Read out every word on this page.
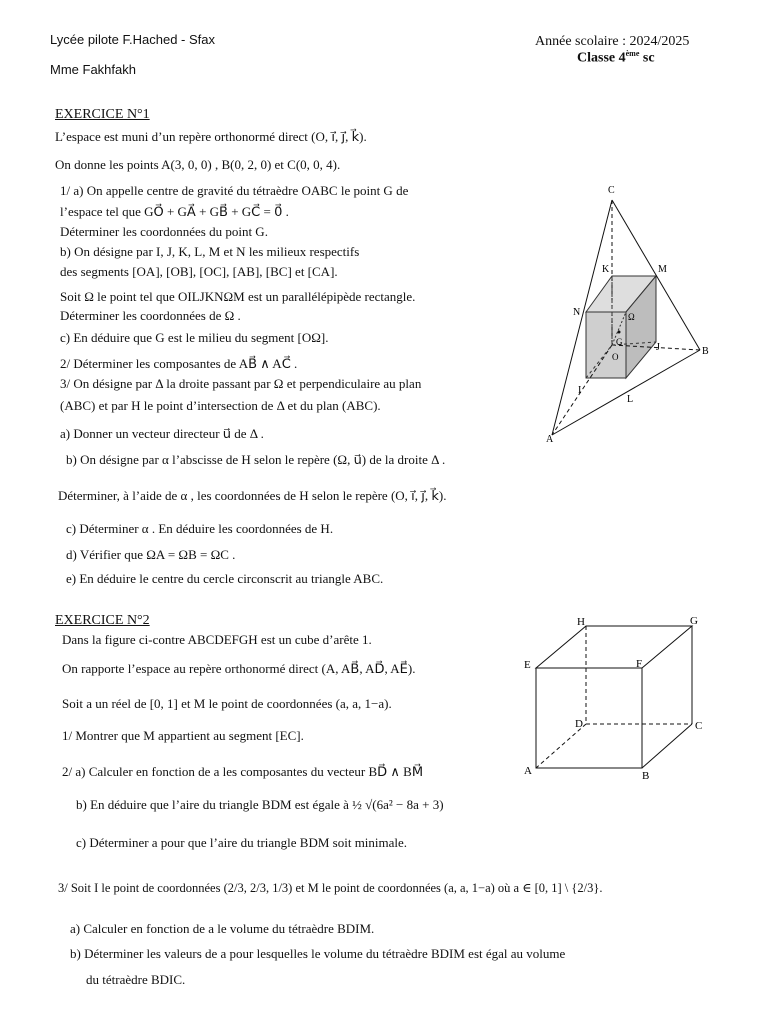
Lycée pilote F.Hached - Sfax
Mme Fakhfakh
Année scolaire : 2024/2025
Classe 4ème sc
EXERCICE N°1
L’espace est muni d’un repère orthonormé direct (O, i⃗, j⃗, k⃗).
On donne les points A(3, 0, 0) , B(0, 2, 0) et C(0, 0, 4).
1/ a) On appelle centre de gravité du tétraèdre OABC le point G de
l’espace tel que GO⃗ + GA⃗ + GB⃗ + GC⃗ = 0⃗ .
Déterminer les coordonnées du point G.
b) On désigne par I, J, K, L, M et N les milieux respectifs
des segments [OA], [OB], [OC], [AB], [BC] et [CA].
Soit Ω le point tel que OILJKNΩM est un parallélépipède rectangle.
Déterminer les coordonnées de Ω .
c) En déduire que G est le milieu du segment [OΩ].
2/ Déterminer les composantes de AB⃗ ∧ AC⃗ .
3/ On désigne par Δ la droite passant par Ω et perpendiculaire au plan
(ABC) et par H le point d’intersection de Δ et du plan (ABC).
a) Donner un vecteur directeur u⃗ de Δ .
b) On désigne par α l’abscisse de H selon le repère (Ω, u⃗) de la droite Δ .
Déterminer, à l’aide de α , les coordonnées de H selon le repère (O, i⃗, j⃗, k⃗).
c) Déterminer α . En déduire les coordonnées de H.
d) Vérifier que ΩA = ΩB = ΩC .
e) En déduire le centre du cercle circonscrit au triangle ABC.
C
K	M
N
G
O
J	B
I
L
A
Ω
EXERCICE N°2
Dans la figure ci-contre ABCDEFGH est un cube d’arête 1.
On rapporte l’espace au repère orthonormé direct (A, AB⃗, AD⃗, AE⃗).
Soit a un réel de [0, 1] et M le point de coordonnées (a, a, 1−a).
1/ Montrer que M appartient au segment [EC].
2/ a) Calculer en fonction de a les composantes du vecteur BD⃗ ∧ BM⃗
b) En déduire que l’aire du triangle BDM est égale à ½ √(6a² − 8a + 3)
c) Déterminer a pour que l’aire du triangle BDM soit minimale.
3/ Soit I le point de coordonnées (2/3, 2/3, 1/3) et M le point de coordonnées (a, a, 1−a) où a ∈ [0, 1] \ {2/3}.
a) Calculer en fonction de a le volume du tétraèdre BDIM.
b) Déterminer les valeurs de a pour lesquelles le volume du tétraèdre BDIM est égal au volume
du tétraèdre BDIC.
H	G
E	F
D	C
A	B
